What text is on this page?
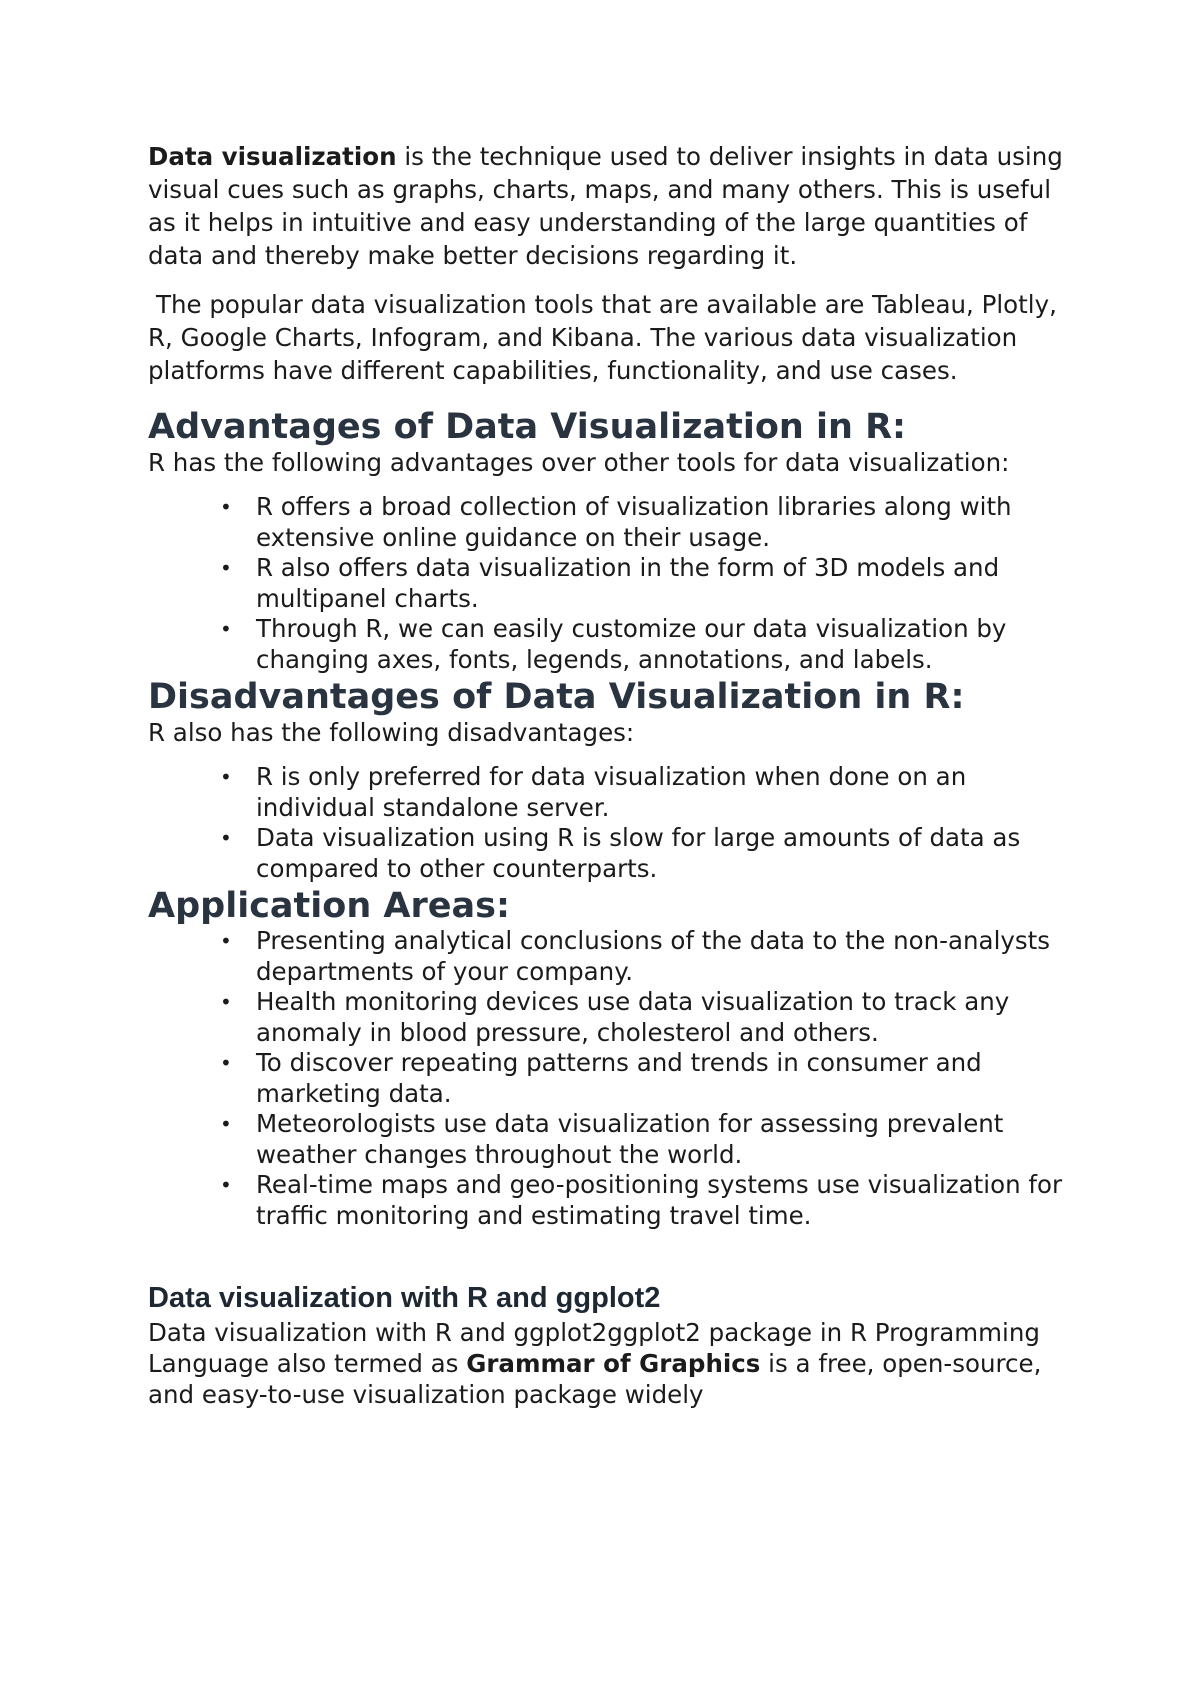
Data visualization is the technique used to deliver insights in data using visual cues such as graphs, charts, maps, and many others. This is useful as it helps in intuitive and easy understanding of the large quantities of data and thereby make better decisions regarding it.

The popular data visualization tools that are available are Tableau, Plotly, R, Google Charts, Infogram, and Kibana. The various data visualization platforms have different capabilities, functionality, and use cases.

Advantages of Data Visualization in R:

R has the following advantages over other tools for data visualization:

• R offers a broad collection of visualization libraries along with extensive online guidance on their usage.
• R also offers data visualization in the form of 3D models and multipanel charts.
• Through R, we can easily customize our data visualization by changing axes, fonts, legends, annotations, and labels.
Disadvantages of Data Visualization in R:

R also has the following disadvantages:

• R is only preferred for data visualization when done on an individual standalone server.
• Data visualization using R is slow for large amounts of data as compared to other counterparts.
Application Areas:
• Presenting analytical conclusions of the data to the non-analysts departments of your company.
• Health monitoring devices use data visualization to track any anomaly in blood pressure, cholesterol and others.
• To discover repeating patterns and trends in consumer and marketing data.
• Meteorologists use data visualization for assessing prevalent weather changes throughout the world.
• Real-time maps and geo-positioning systems use visualization for traffic monitoring and estimating travel time.
Data visualization with R and ggplot2

Data visualization with R and ggplot2ggplot2 package in R Programming Language also termed as Grammar of Graphics is a free, open-source, and easy-to-use visualization package widely
